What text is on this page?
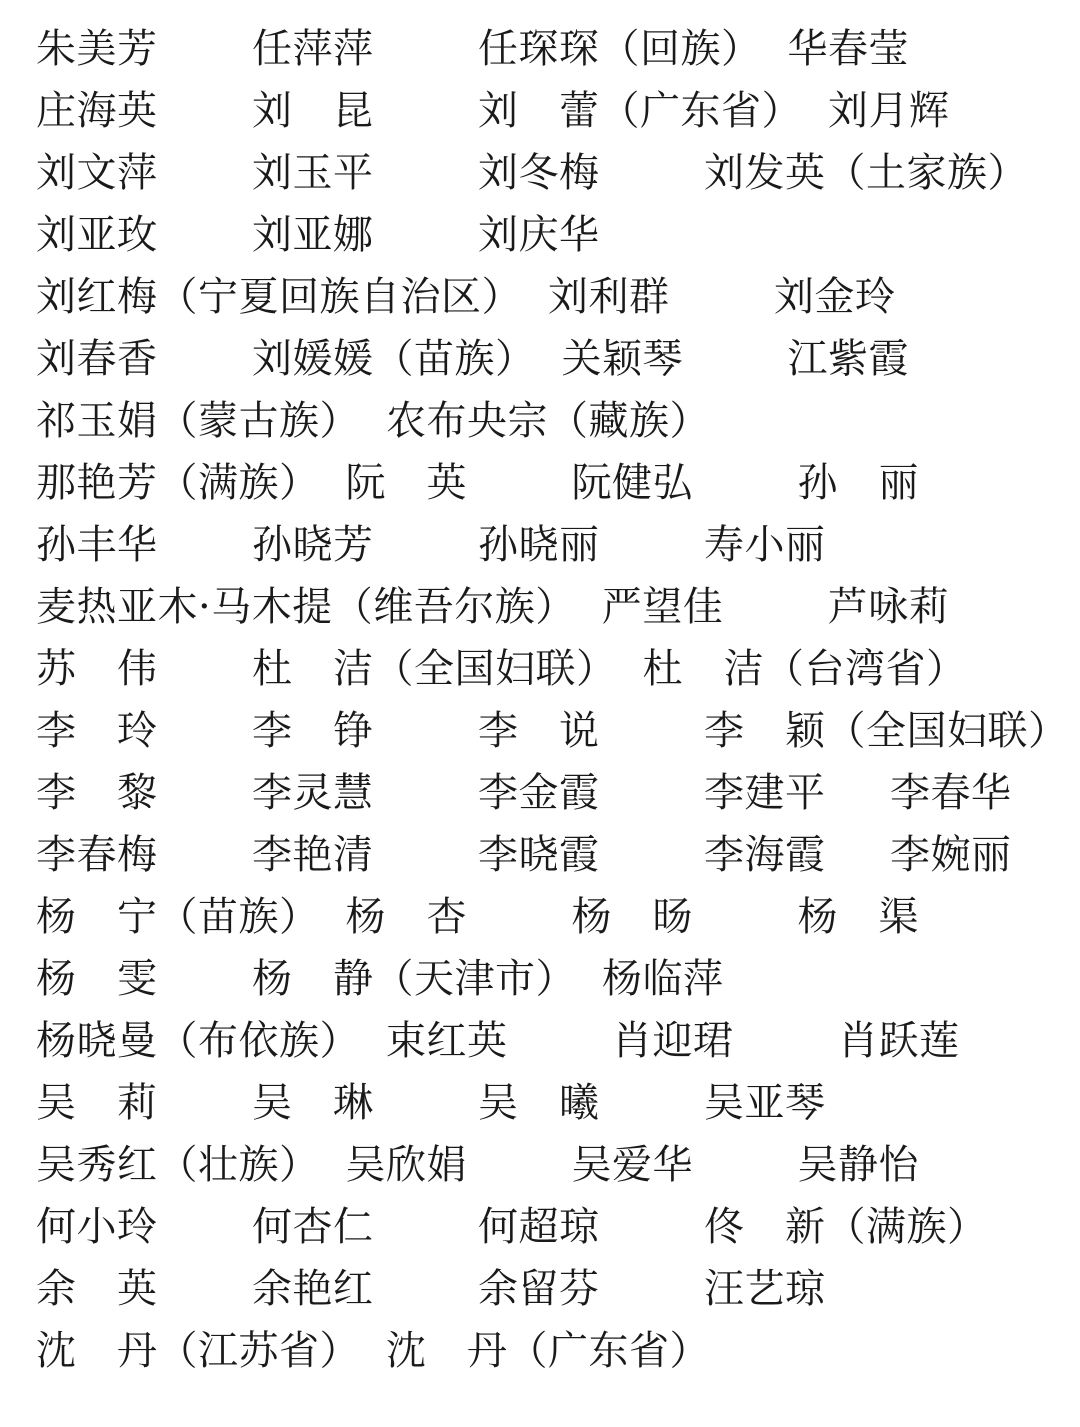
朱美芳	任萍萍	任琛琛（回族） 华春莹
庄海英	刘　昆	刘　蕾（广东省） 刘月辉
刘文萍	刘玉平	刘冬梅	刘发英（土家族）
刘亚玫	刘亚娜	刘庆华
刘红梅（宁夏回族自治区） 刘利群	刘金玲
刘春香	刘媛媛（苗族） 关颖琴	江紫霞
祁玉娟（蒙古族） 农布央宗（藏族）
那艳芳（满族） 阮　英	阮健弘	孙　丽
孙丰华	孙晓芳	孙晓丽	寿小丽
麦热亚木·马木提（维吾尔族） 严望佳	芦咏莉
苏　伟	杜　洁（全国妇联） 杜　洁（台湾省）
李　玲	李　铮	李　说	李　颖（全国妇联）
李　黎	李灵慧	李金霞	李建平	李春华
李春梅	李艳清	李晓霞	李海霞	李婉丽
杨　宁（苗族） 杨　杏	杨　旸	杨　渠
杨　雯	杨　静（天津市） 杨临萍
杨晓曼（布依族） 束红英	肖迎珺	肖跃莲
吴　莉	吴　琳	吴　曦	吴亚琴
吴秀红（壮族） 吴欣娟	吴爱华	吴静怡
何小玲	何杏仁	何超琼	佟　新（满族）
余　英	余艳红	余留芬	汪艺琼
沈　丹（江苏省） 沈　丹（广东省）
